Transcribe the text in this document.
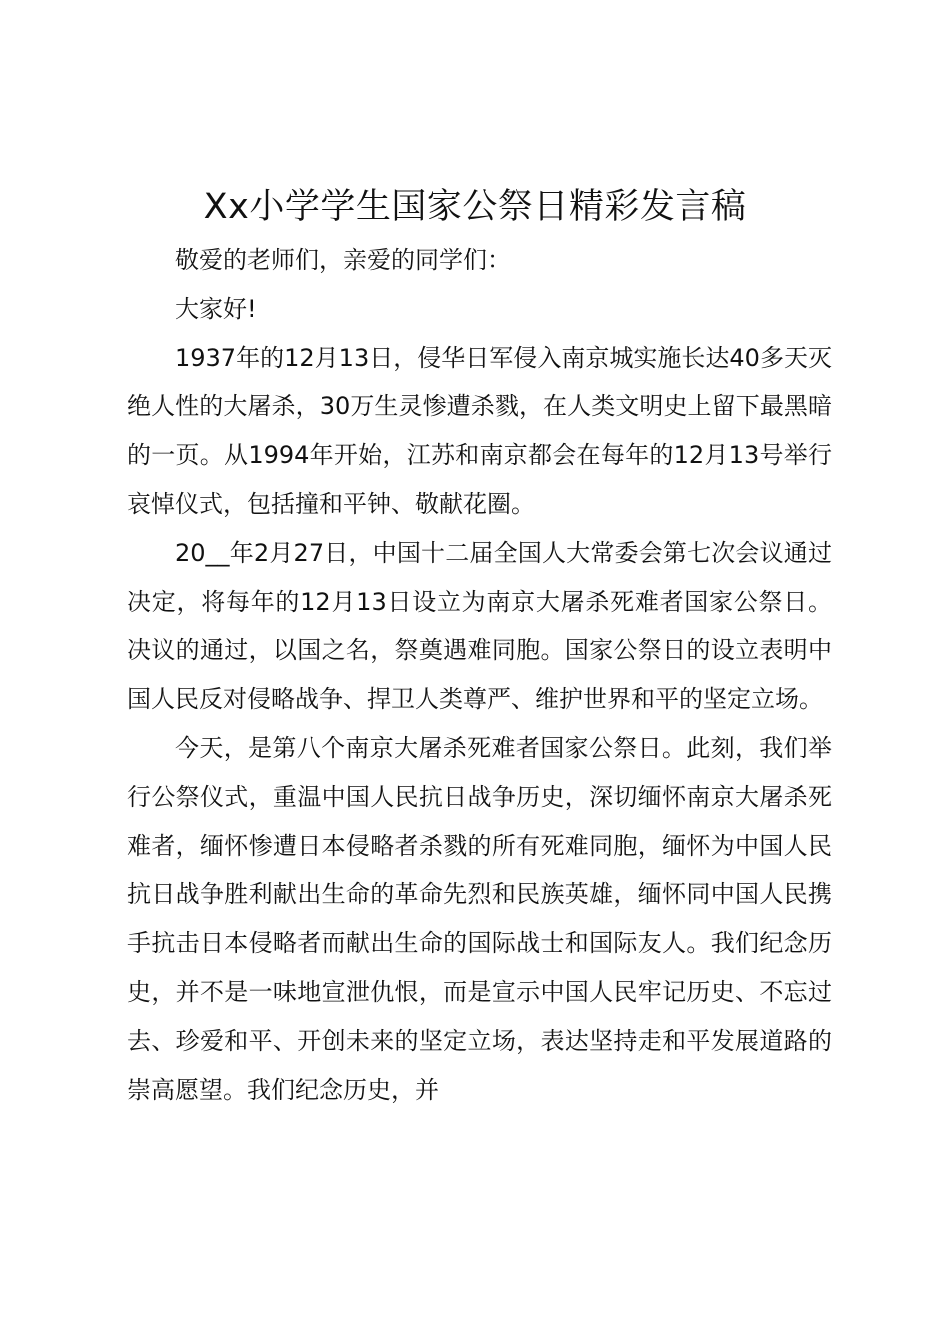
Xx小学学生国家公祭日精彩发言稿

敬爱的老师们，亲爱的同学们：

大家好!

1937年的12月13日，侵华日军侵入南京城实施长达40多天灭绝人性的大屠杀，30万生灵惨遭杀戮，在人类文明史上留下最黑暗的一页。从1994年开始，江苏和南京都会在每年的12月13号举行哀悼仪式，包括撞和平钟、敬献花圈。

20__年2月27日，中国十二届全国人大常委会第七次会议通过决定，将每年的12月13日设立为南京大屠杀死难者国家公祭日。决议的通过，以国之名，祭奠遇难同胞。国家公祭日的设立表明中国人民反对侵略战争、捍卫人类尊严、维护世界和平的坚定立场。

今天，是第八个南京大屠杀死难者国家公祭日。此刻，我们举行公祭仪式，重温中国人民抗日战争历史，深切缅怀南京大屠杀死难者，缅怀惨遭日本侵略者杀戮的所有死难同胞，缅怀为中国人民抗日战争胜利献出生命的革命先烈和民族英雄，缅怀同中国人民携手抗击日本侵略者而献出生命的国际战士和国际友人。我们纪念历史，并不是一味地宣泄仇恨，而是宣示中国人民牢记历史、不忘过去、珍爱和平、开创未来的坚定立场，表达坚持走和平发展道路的崇高愿望。我们纪念历史，并
